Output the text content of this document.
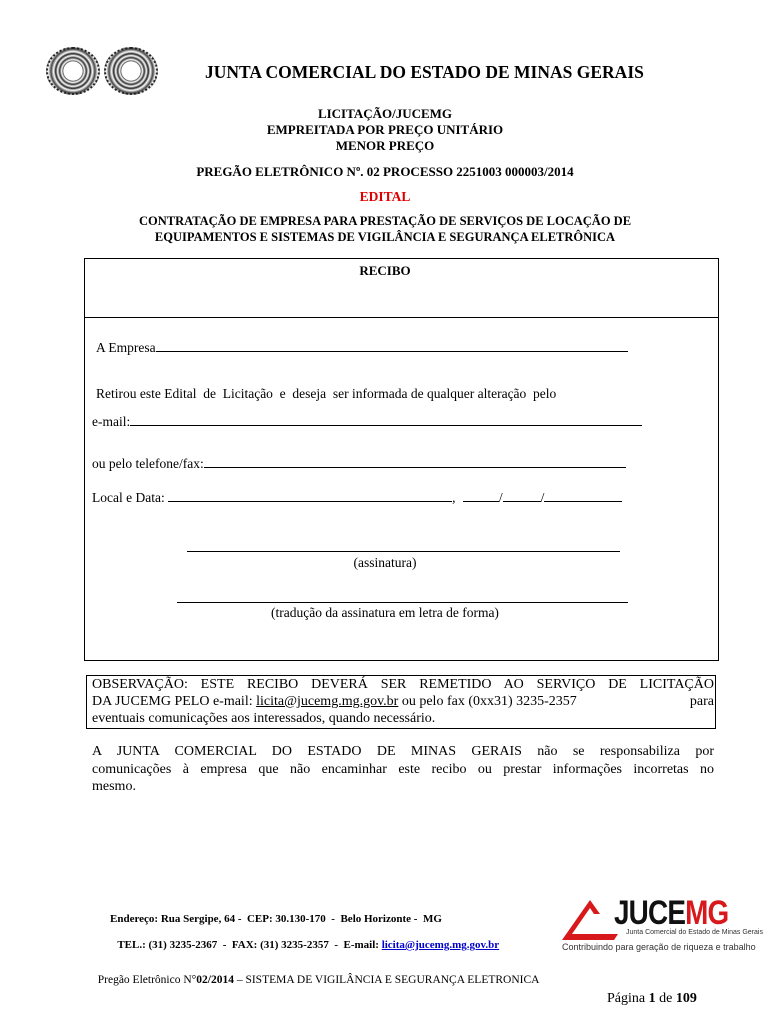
JUNTA COMERCIAL DO ESTADO DE MINAS GERAIS
LICITAÇÃO/JUCEMG
EMPREITADA POR PREÇO UNITÁRIO
MENOR PREÇO
PREGÃO ELETRÔNICO Nº. 02 PROCESSO 2251003 000003/2014
EDITAL
CONTRATAÇÃO DE EMPRESA PARA PRESTAÇÃO DE SERVIÇOS DE LOCAÇÃO DE
EQUIPAMENTOS E SISTEMAS DE VIGILÂNCIA E SEGURANÇA ELETRÔNICA
RECIBO
A Empresa
Retirou este Edital  de  Licitação  e  deseja  ser informada de qualquer alteração  pelo
e-mail:
ou pelo telefone/fax:
Local e Data:	,	/	/
(assinatura)
(tradução da assinatura em letra de forma)
OBSERVAÇÃO: ESTE RECIBO DEVERÁ SER REMETIDO AO SERVIÇO DE LICITAÇÃO
DA JUCEMG PELO e-mail: licita@jucemg.mg.gov.br ou pelo fax (0xx31) 3235-2357	para
eventuais comunicações aos interessados, quando necessário.
A JUNTA COMERCIAL DO ESTADO DE MINAS GERAIS não se responsabiliza por
comunicações à empresa que não encaminhar este recibo ou prestar informações incorretas no
mesmo.
Endereço: Rua Sergipe, 64 -  CEP: 30.130-170  -  Belo Horizonte -  MG

TEL.: (31) 3235-2367  -  FAX: (31) 3235-2357  -  E-mail: licita@jucemg.mg.gov.br

JUCEMG
Junta Comercial do Estado de Minas Gerais
Contribuindo para geração de riqueza e trabalho

Pregão Eletrônico N°02/2014 – SISTEMA DE VIGILÂNCIA E SEGURANÇA ELETRONICA

Página 1 de 109
